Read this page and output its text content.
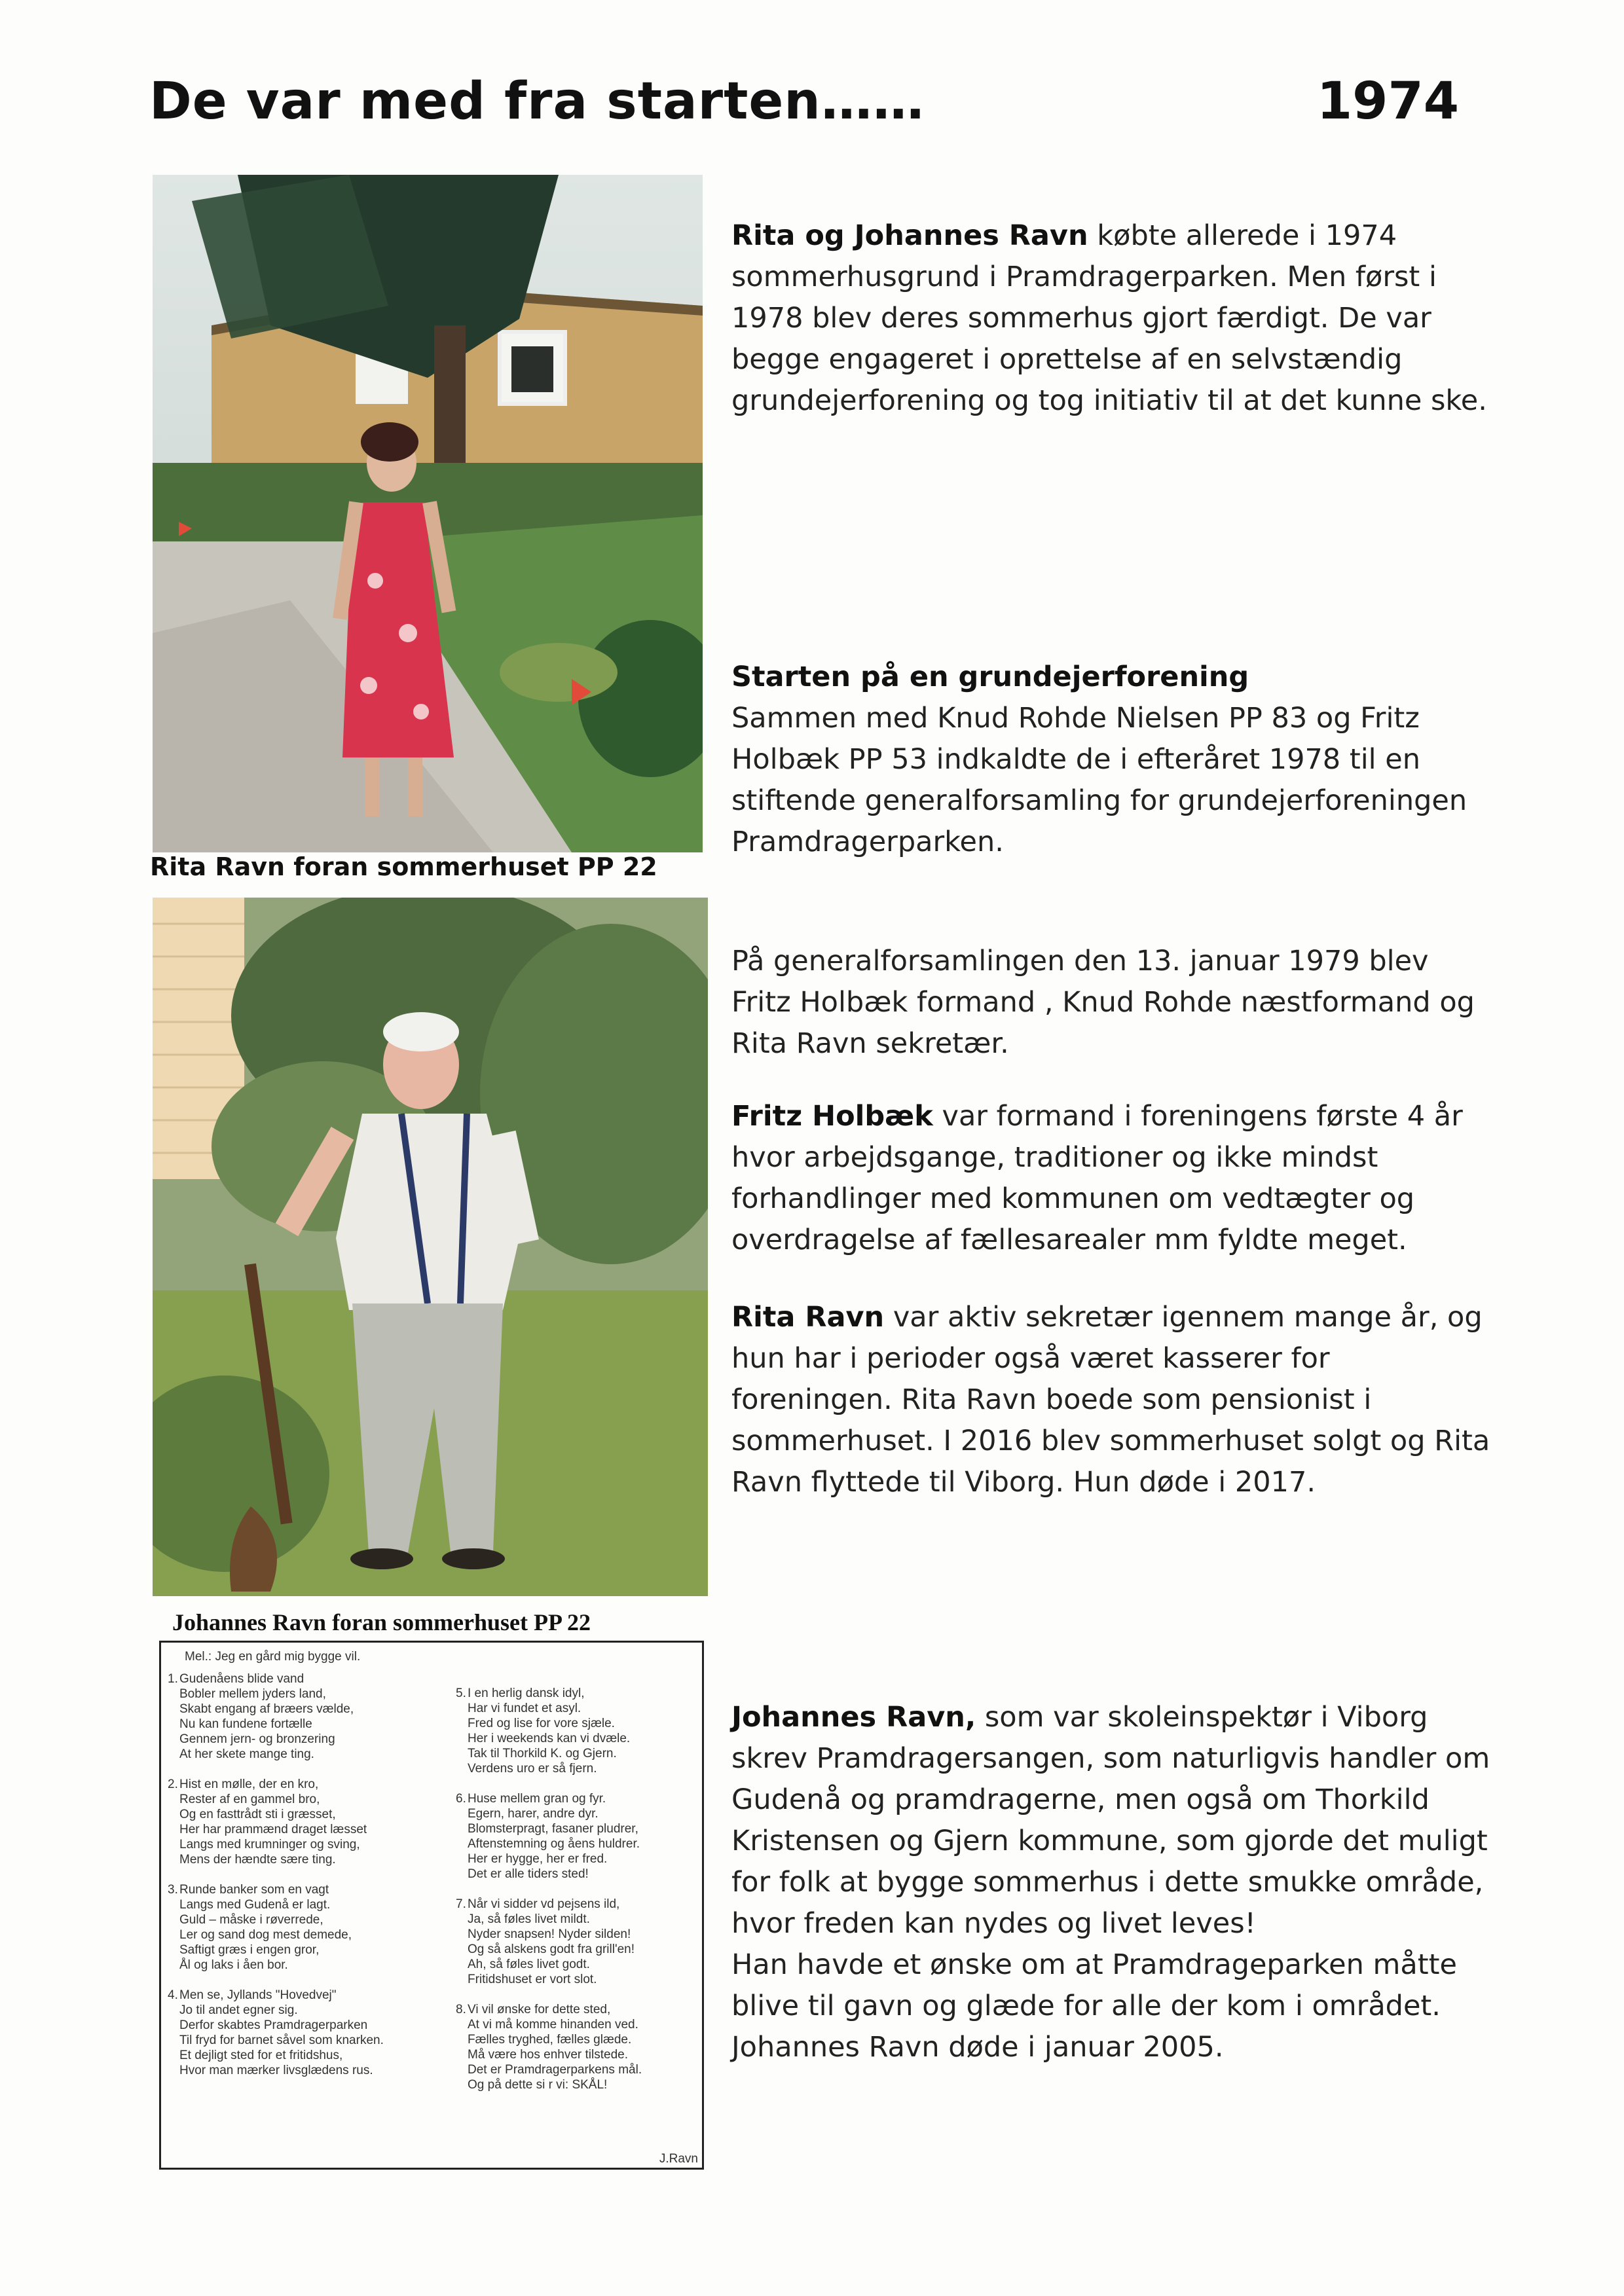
De var med fra starten……	1974
Rita Ravn foran sommerhuset PP 22
Johannes Ravn foran sommerhuset PP 22

Rita og Johannes Ravn købte allerede i 1974 sommerhusgrund i Pramdragerparken. Men først i 1978 blev deres sommerhus gjort færdigt. De var begge engageret i oprettelse af en selvstændig grundejerforening og tog initiativ til at det kunne ske.

Starten på en grundejerforening
Sammen med Knud Rohde Nielsen PP 83 og Fritz Holbæk PP 53 indkaldte de i efteråret 1978 til en stiftende generalforsamling for grundejerforeningen Pramdragerparken.

På generalforsamlingen den 13. januar 1979 blev Fritz Holbæk formand , Knud Rohde næstformand og Rita Ravn sekretær.

Fritz Holbæk var formand i foreningens første 4 år hvor arbejdsgange, traditioner og ikke mindst forhandlinger med kommunen om vedtægter og overdragelse af fællesarealer mm fyldte meget.

Rita Ravn var aktiv sekretær igennem mange år, og hun har i perioder også været kasserer for foreningen. Rita Ravn boede som pensionist i sommerhuset. I 2016 blev sommerhuset solgt og Rita Ravn flyttede til Viborg. Hun døde i 2017.

Johannes Ravn, som var skoleinspektør i Viborg skrev Pramdragersangen, som naturligvis handler om Gudenå og pramdragerne, men også om Thorkild Kristensen og Gjern kommune, som gjorde det muligt for folk at bygge sommerhus i dette smukke område, hvor freden kan nydes og livet leves!
Han havde et ønske om at Pramdrageparken måtte blive til gavn og glæde for alle der kom i området.
Johannes Ravn døde i januar 2005.

Mel.: Jeg en gård mig bygge vil.
1. Gudenåens blide vand
Bobler mellem jyders land,
Skabt engang af bræers vælde,
Nu kan fundene fortælle
Gennem jern- og bronzering
At her skete mange ting.
2. Hist en mølle, der en kro,
Rester af en gammel bro,
Og en fasttrådt sti i græsset,
Her har prammænd draget læsset
Langs med krumninger og sving,
Mens der hændte sære ting.
3. Runde banker som en vagt
Langs med Gudenå er lagt.
Guld – måske i røverrede,
Ler og sand dog mest demede,
Saftigt græs i engen gror,
Ål og laks i åen bor.
4. Men se, Jyllands "Hovedvej"
Jo til andet egner sig.
Derfor skabtes Pramdragerparken
Til fryd for barnet såvel som knarken.
Et dejligt sted for et fritidshus,
Hvor man mærker livsglædens rus.
5. I en herlig dansk idyl,
Har vi fundet et asyl.
Fred og lise for vore sjæle.
Her i weekends kan vi dvæle.
Tak til Thorkild K. og Gjern.
Verdens uro er så fjern.
6. Huse mellem gran og fyr.
Egern, harer, andre dyr.
Blomsterpragt, fasaner pludrer,
Aftenstemning og åens huldrer.
Her er hygge, her er fred.
Det er alle tiders sted!
7. Når vi sidder vd pejsens ild,
Ja, så føles livet mildt.
Nyder snapsen! Nyder silden!
Og så alskens godt fra grill'en!
Ah, så føles livet godt.
Fritidshuset er vort slot.
8. Vi vil ønske for dette sted,
At vi må komme hinanden ved.
Fælles tryghed, fælles glæde.
Må være hos enhver tilstede.
Det er Pramdragerparkens mål.
Og på dette si r vi: SKÅL!
J.Ravn
